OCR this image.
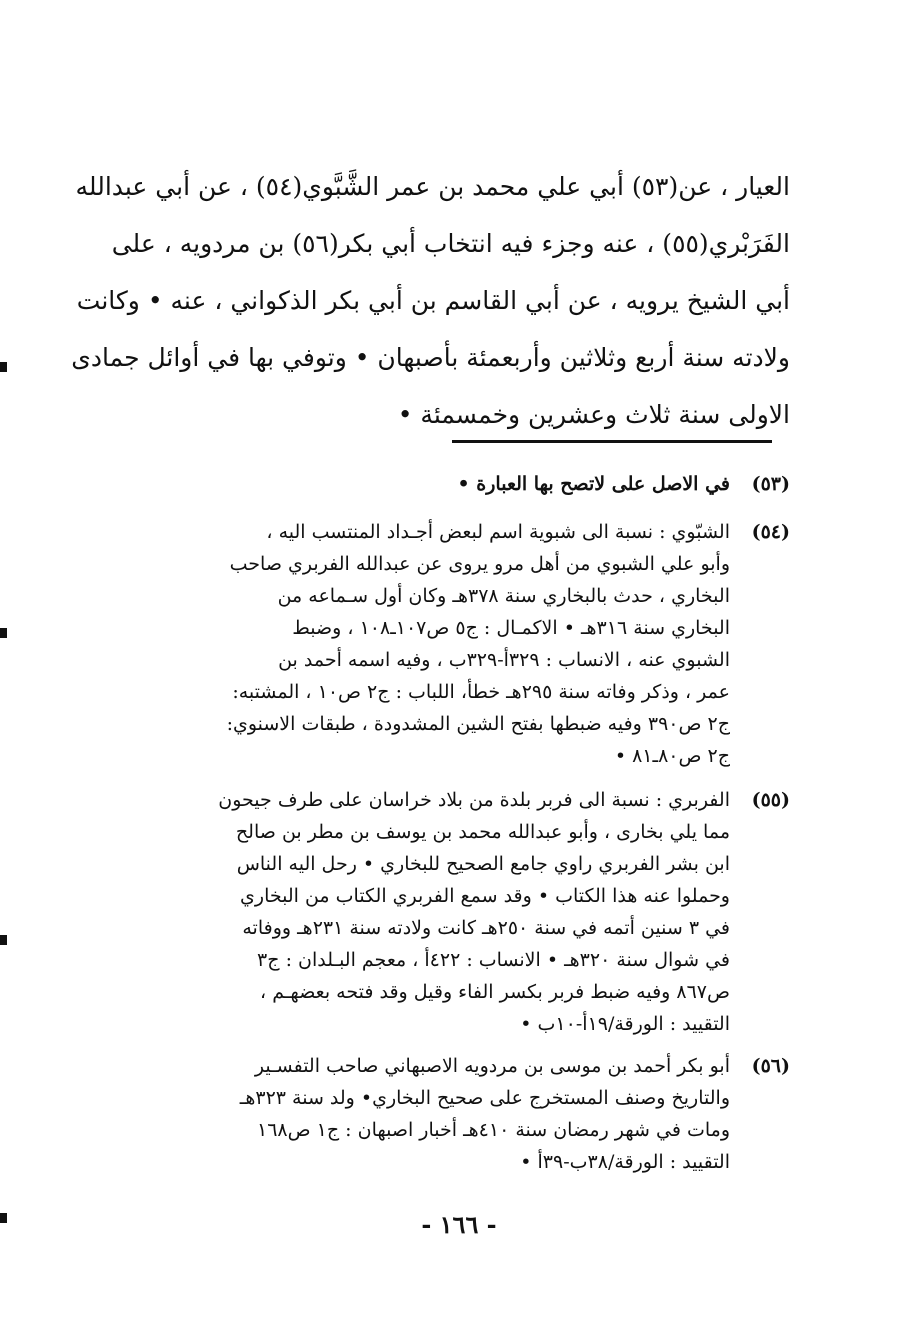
العيار ، عن(٥٣) أبي علي محمد بن عمر الشَّبَّوي(٥٤) ، عن أبي عبدالله
الفَرَبْري(٥٥) ، عنه وجزء فيه انتخاب أبي بكر(٥٦) بن مردويه ، على
أبي الشيخ يرويه ، عن أبي القاسم بن أبي بكر الذكواني ، عنه • وكانت
ولادته سنة أربع وثلاثين وأربعمئة بأصبهان • وتوفي بها في أوائل جمادى
الاولى سنة ثلاث وعشرين وخمسمئة •
(٥٣)
في الاصل على لاتصح بها العبارة •
(٥٤)
الشبّوي : نسبة الى شبوية اسم لبعض أجـداد المنتسب اليه ،
وأبو علي الشبوي من أهل مرو يروى عن عبدالله الفربري صاحب
البخاري ، حدث بالبخاري سنة ٣٧٨هـ وكان أول سـماعه من
البخاري سنة ٣١٦هـ • الاكمـال : ج٥ ص١٠٧ـ١٠٨ ، وضبط
الشبوي عنه ، الانساب : ٣٢٩أ-٣٢٩ب ، وفيه اسمه أحمد بن
عمر ، وذكر وفاته سنة ٢٩٥هـ خطأ، اللباب : ج٢ ص١٠ ، المشتبه:
ج٢ ص٣٩٠ وفيه ضبطها بفتح الشين المشدودة ، طبقات الاسنوي:
ج٢ ص٨٠ـ٨١ •
(٥٥)
الفربري : نسبة الى فربر بلدة من بلاد خراسان على طرف جيحون
مما يلي بخارى ، وأبو عبدالله محمد بن يوسف بن مطر بن صالح
ابن بشر الفربري راوي جامع الصحيح للبخاري • رحل اليه الناس
وحملوا عنه هذا الكتاب • وقد سمع الفربري الكتاب من البخاري
في ٣ سنين أتمه في سنة ٢٥٠هـ كانت ولادته سنة ٢٣١هـ ووفاته
في شوال سنة ٣٢٠هـ • الانساب : ٤٢٢أ ، معجم البـلدان : ج٣
ص٨٦٧ وفيه ضبط فربر بكسر الفاء وقيل وقد فتحه بعضهـم ،
التقييد : الورقة/١٩أ-١٠ب •
(٥٦)
أبو بكر أحمد بن موسى بن مردويه الاصبهاني صاحب التفسـير
والتاريخ وصنف المستخرج على صحيح البخاري• ولد سنة ٣٢٣هـ
ومات في شهر رمضان سنة ٤١٠هـ أخبار اصبهان : ج١ ص١٦٨
التقييد : الورقة/٣٨ب-٣٩أ •
- ١٦٦ -
